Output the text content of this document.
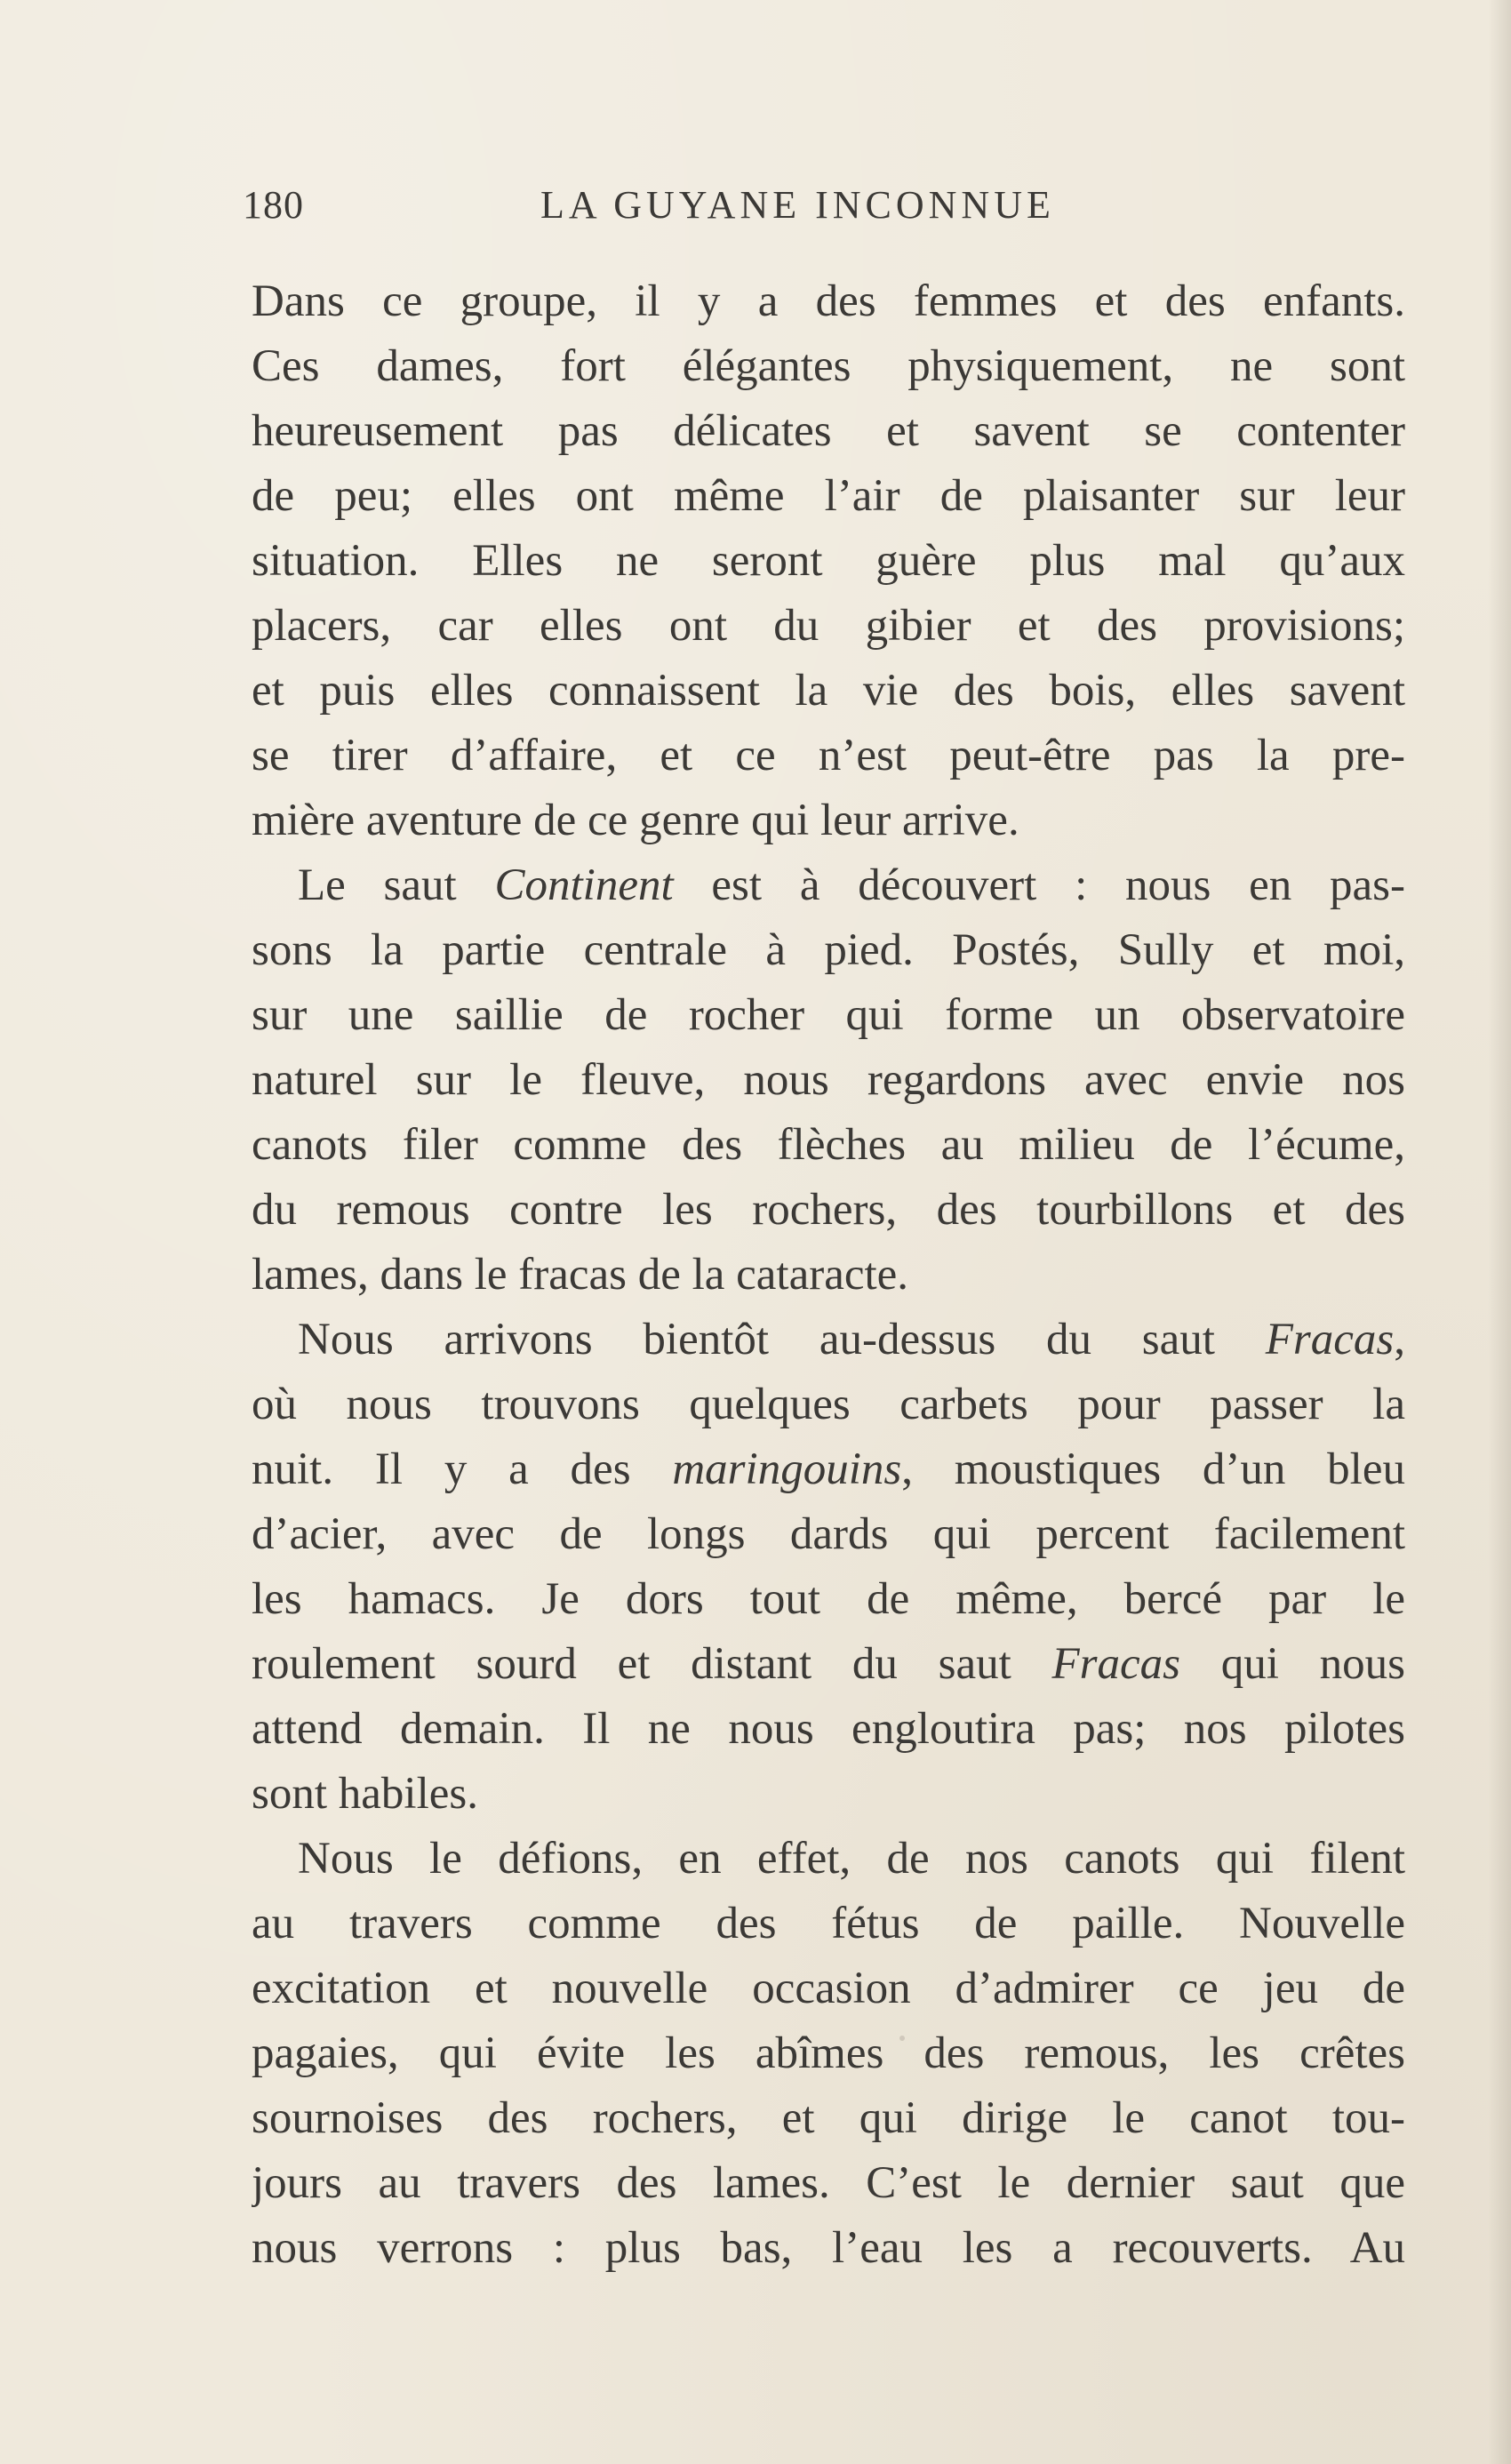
180	LA GUYANE INCONNUE
Dans ce groupe, il y a des femmes et des enfants.
Ces dames, fort élégantes physiquement, ne sont
heureusement pas délicates et savent se contenter
de peu; elles ont même l’air de plaisanter sur leur
situation. Elles ne seront guère plus mal qu’aux
placers, car elles ont du gibier et des provisions;
et puis elles connaissent la vie des bois, elles savent
se tirer d’affaire, et ce n’est peut-être pas la pre-
mière aventure de ce genre qui leur arrive.
Le saut Continent est à découvert : nous en pas-
sons la partie centrale à pied. Postés, Sully et moi,
sur une saillie de rocher qui forme un observatoire
naturel sur le fleuve, nous regardons avec envie nos
canots filer comme des flèches au milieu de l’écume,
du remous contre les rochers, des tourbillons et des
lames, dans le fracas de la cataracte.
Nous arrivons bientôt au-dessus du saut Fracas,
où nous trouvons quelques carbets pour passer la
nuit. Il y a des maringouins, moustiques d’un bleu
d’acier, avec de longs dards qui percent facilement
les hamacs. Je dors tout de même, bercé par le
roulement sourd et distant du saut Fracas qui nous
attend demain. Il ne nous engloutira pas; nos pilotes
sont habiles.
Nous le défions, en effet, de nos canots qui filent
au travers comme des fétus de paille. Nouvelle
excitation et nouvelle occasion d’admirer ce jeu de
pagaies, qui évite les abîmes des remous, les crêtes
sournoises des rochers, et qui dirige le canot tou-
jours au travers des lames. C’est le dernier saut que
nous verrons : plus bas, l’eau les a recouverts. Au
